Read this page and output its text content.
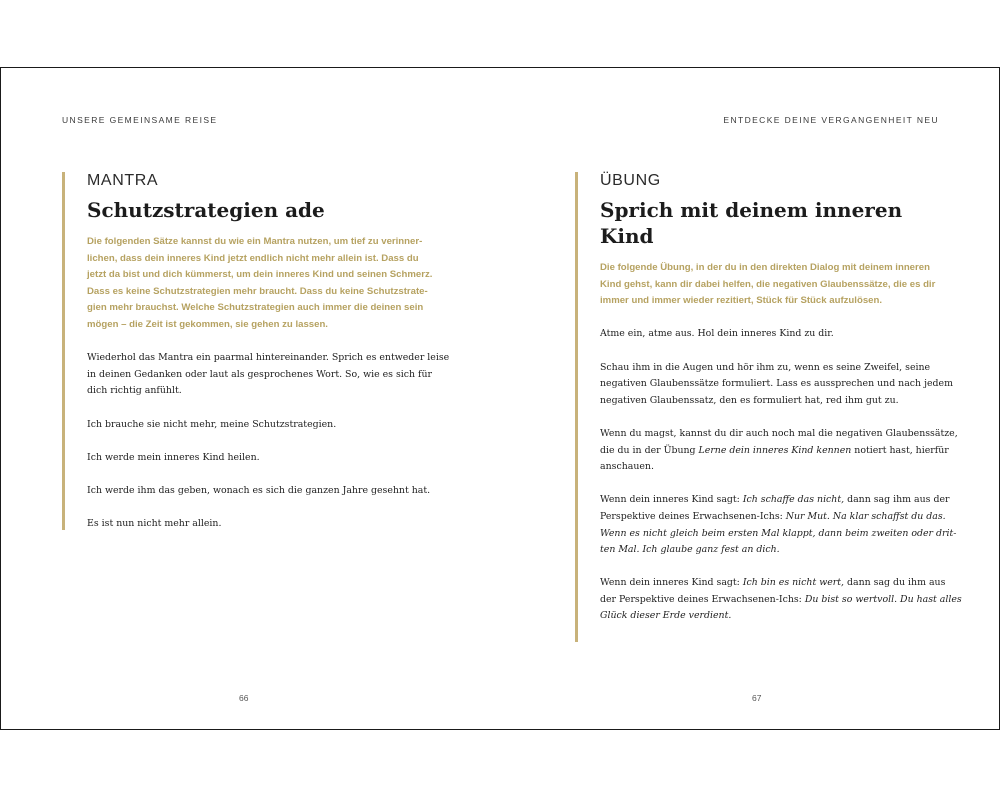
UNSERE GEMEINSAME REISE
MANTRA
Schutzstrategien ade
Die folgenden Sätze kannst du wie ein Mantra nutzen, um tief zu verinner-
lichen, dass dein inneres Kind jetzt endlich nicht mehr allein ist. Dass du
jetzt da bist und dich kümmerst, um dein inneres Kind und seinen Schmerz.
Dass es keine Schutzstrategien mehr braucht. Dass du keine Schutzstrate-
gien mehr brauchst. Welche Schutzstrategien auch immer die deinen sein
mögen – die Zeit ist gekommen, sie gehen zu lassen.
Wiederhol das Mantra ein paarmal hintereinander. Sprich es entweder leise
in deinen Gedanken oder laut als gesprochenes Wort. So, wie es sich für
dich richtig anfühlt.
Ich brauche sie nicht mehr, meine Schutzstrategien.
Ich werde mein inneres Kind heilen.
Ich werde ihm das geben, wonach es sich die ganzen Jahre gesehnt hat.
Es ist nun nicht mehr allein.
66
ENTDECKE DEINE VERGANGENHEIT NEU
ÜBUNG
Sprich mit deinem inneren Kind
Die folgende Übung, in der du in den direkten Dialog mit deinem inneren
Kind gehst, kann dir dabei helfen, die negativen Glaubenssätze, die es dir
immer und immer wieder rezitiert, Stück für Stück aufzulösen.
Atme ein, atme aus. Hol dein inneres Kind zu dir.
Schau ihm in die Augen und hör ihm zu, wenn es seine Zweifel, seine
negativen Glaubenssätze formuliert. Lass es aussprechen und nach jedem
negativen Glaubenssatz, den es formuliert hat, red ihm gut zu.
Wenn du magst, kannst du dir auch noch mal die negativen Glaubenssätze,
die du in der Übung Lerne dein inneres Kind kennen notiert hast, hierfür
anschauen.
Wenn dein inneres Kind sagt: Ich schaffe das nicht, dann sag ihm aus der
Perspektive deines Erwachsenen-Ichs: Nur Mut. Na klar schaffst du das.
Wenn es nicht gleich beim ersten Mal klappt, dann beim zweiten oder drit-
ten Mal. Ich glaube ganz fest an dich.
Wenn dein inneres Kind sagt: Ich bin es nicht wert, dann sag du ihm aus
der Perspektive deines Erwachsenen-Ichs: Du bist so wertvoll. Du hast alles
Glück dieser Erde verdient.
67
